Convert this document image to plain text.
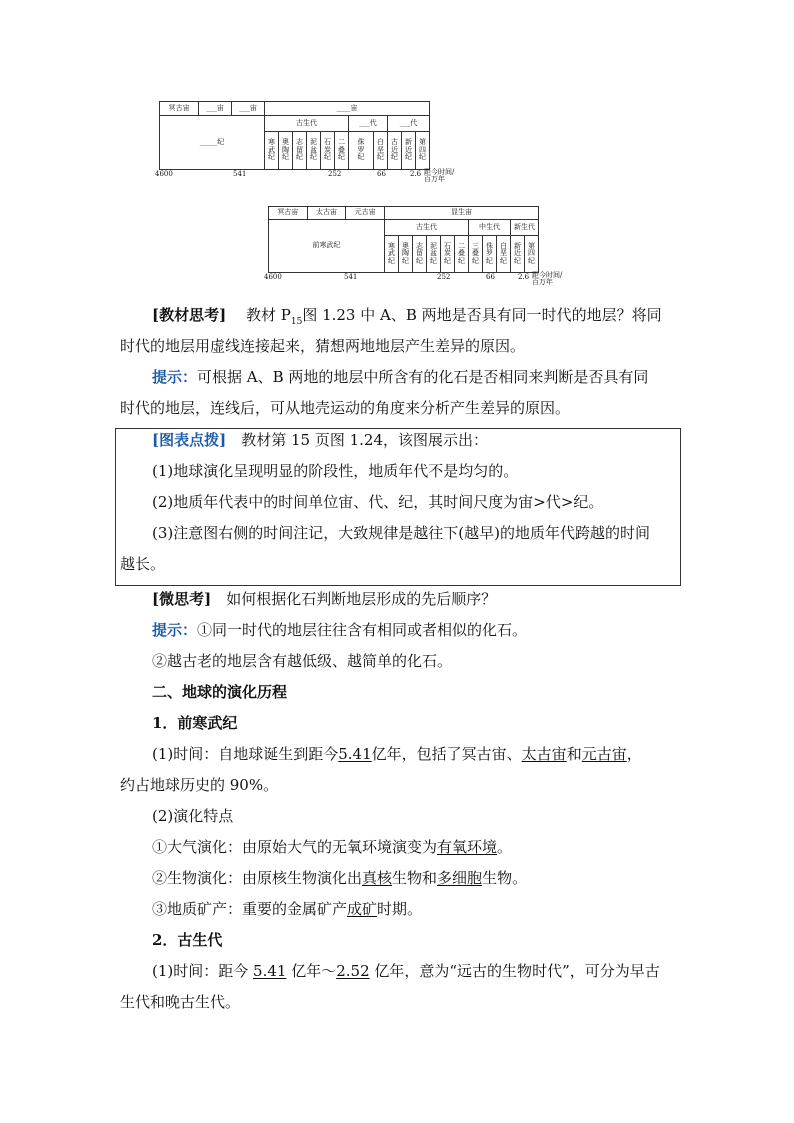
冥古宙	___宙	___宙	____宙										
_____纪			古生代						___代		___代		
			寒武纪	奥陶纪	志留纪	泥盆纪	石炭纪	二叠纪	侏罗纪	白垩纪	古近纪	新近纪	第四纪
4600	541	252	66	2.6 距今时间/百万年
冥古宙	太古宙	元古宙	显生宙										
前寒武纪			古生代						中生代			新生代	
			寒武纪	奥陶纪	志留纪	泥盆纪	石炭纪	二叠纪	三叠纪	侏罗纪	白垩纪	新近纪	第四纪
4600	541	252	66	2.6 距今时间/百万年
[教材思考]　 教材 $P_{15}$图 1.23 中 A、B 两地是否具有同一时代的地层？将同
时代的地层用虚线连接起来，猜想两地地层产生差异的原因。
提示：可根据 A、B 两地的地层中所含有的化石是否相同来判断是否具有同
时代的地层，连线后，可从地壳运动的角度来分析产生差异的原因。
[图表点拨]　 教材第 15 页图 1.24，该图展示出：
(1)地球演化呈现明显的阶段性，地质年代不是均匀的。
(2)地质年代表中的时间单位宙、代、纪，其时间尺度为宙>代>纪。
(3)注意图右侧的时间注记，大致规律是越往下(越早)的地质年代跨越的时间
越长。
[微思考]　 如何根据化石判断地层形成的先后顺序？
提示：①同一时代的地层往往含有相同或者相似的化石。
②越古老的地层含有越低级、越简单的化石。
二、地球的演化历程
1．前寒武纪
(1)时间：自地球诞生到距今5.41亿年，包括了冥古宙、太古宙和元古宙，
约占地球历史的 90%。
(2)演化特点
①大气演化：由原始大气的无氧环境演变为有氧环境。
②生物演化：由原核生物演化出真核生物和多细胞生物。
③地质矿产：重要的金属矿产成矿时期。
2．古生代
(1)时间：距今 5.41 亿年～2.52 亿年，意为“远古的生物时代”，可分为早古
生代和晚古生代。
